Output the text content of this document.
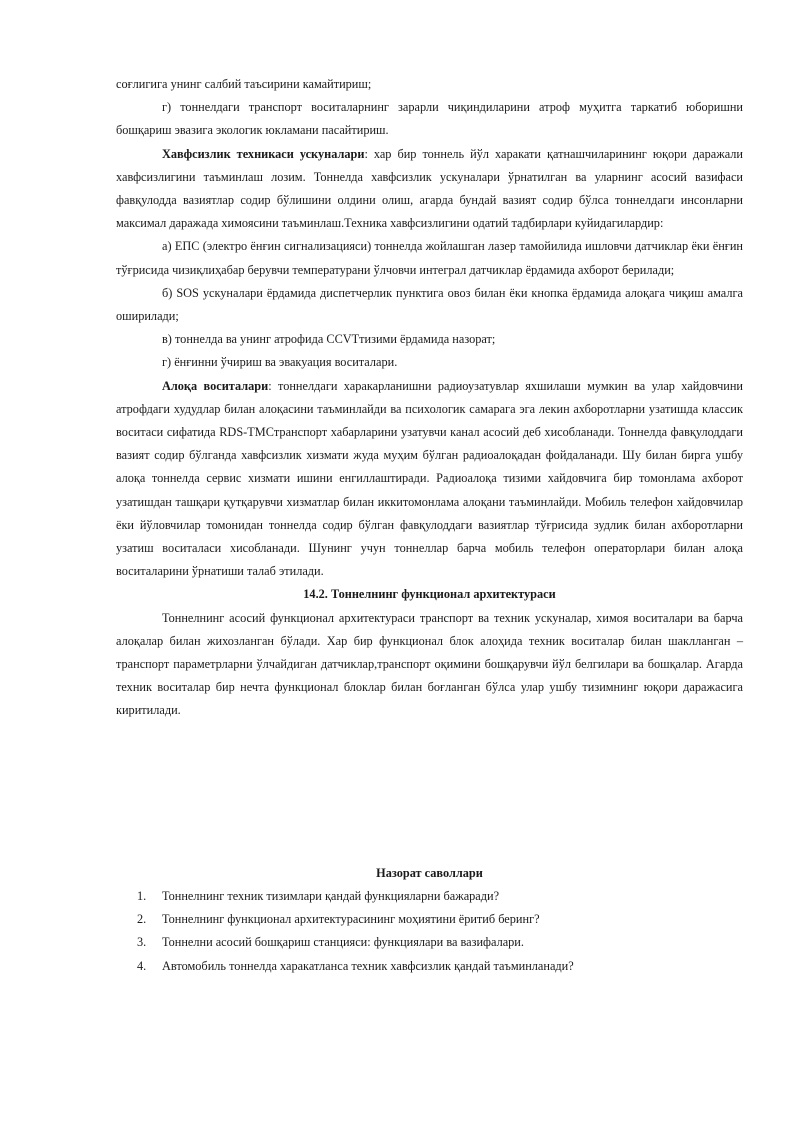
соғлигига унинг салбий таъсирини камайтириш;

г) тоннелдаги транспорт воситаларнинг зарарли чиқиндиларини атроф муҳитга таркатиб юборишни бошқариш эвазига экологик юкламани пасайтириш.

Хавфсизлик техникаси ускуналари: хар бир тоннель йўл харакати қатнашчиларининг юқори даражали хавфсизлигини таъминлаш лозим. Тоннелда хавфсизлик ускуналари ўрнатилган ва уларнинг асосий вазифаси фавқулодда вазиятлар содир бўлишини олдини олиш, агарда бундай вазият содир бўлса тоннелдаги инсонларни максимал даражада химоясини таъминлаш.Техника хавфсизлигини одатий тадбирлари куйидагилардир:

а) ЕПС (электро ёнғин сигнализацияси) тоннелда жойлашган лазер тамойилида ишловчи датчиклар ёки ёнғин тўғрисида чизиқлиҳабар берувчи температурани ўлчовчи интеграл датчиклар ёрдамида ахборот берилади;

б) SOS ускуналари ёрдамида диспетчерлик пунктига овоз билан ёки кнопка ёрдамида алоқага чиқиш амалга оширилади;

в) тоннелда ва унинг атрофида CCVTтизими ёрдамида назорат;

г) ёнғинни ўчириш ва эвакуация воситалари.

Алоқа воситалари: тоннелдаги харакарланишни радиоузатувлар яхшилаши мумкин ва улар хайдовчини атрофдаги худудлар билан алоқасини таъминлайди ва психологик самарага эга лекин ахборотларни узатишда классик воситаси сифатида RDS-TMCтранспорт хабарларини узатувчи канал асосий деб хисобланади. Тоннелда фавқулоддаги вазият содир бўлганда хавфсизлик хизмати жуда муҳим бўлган радиоалоқадан фойдаланади. Шу билан бирга ушбу алоқа тоннелда сервис хизмати ишини енгиллаштиради. Радиоалоқа тизими хайдовчига бир томонлама ахборот узатишдан ташқари қутқарувчи хизматлар билан иккитомонлама алоқани таъминлайди. Мобиль телефон хайдовчилар ёки йўловчилар томонидан тоннелда содир бўлган фавқулоддаги вазиятлар тўғрисида зудлик билан ахборотларни узатиш воситаласи хисобланади. Шунинг учун тоннеллар барча мобиль телефон операторлари билан алоқа воситаларини ўрнатиши талаб этилади.

14.2. Тоннелнинг функционал архитектураси

Тоннелнинг асосий функционал архитектураси транспорт ва техник ускуналар, химоя воситалари ва барча алоқалар билан жихозланган бўлади. Хар бир функционал блок алоҳида техник воситалар билан шаклланган –транспорт параметрларни ўлчайдиган датчиклар,транспорт оқимини бошқарувчи йўл белгилари ва бошқалар. Агарда техник воситалар бир нечта функционал блоклар билан боғланган бўлса улар ушбу тизимнинг юқори даражасига киритилади.

Назорат саволлари
1.	Тоннелнинг техник тизимлари қандай функцияларни бажаради?
2.	Тоннелнинг функционал архитектурасининг моҳиятини ёритиб беринг?
3.	Тоннелни асосий бошқариш станцияси: функциялари ва вазифалари.
4.	Автомобиль тоннелда харакатланса техник хавфсизлик қандай таъминланади?
